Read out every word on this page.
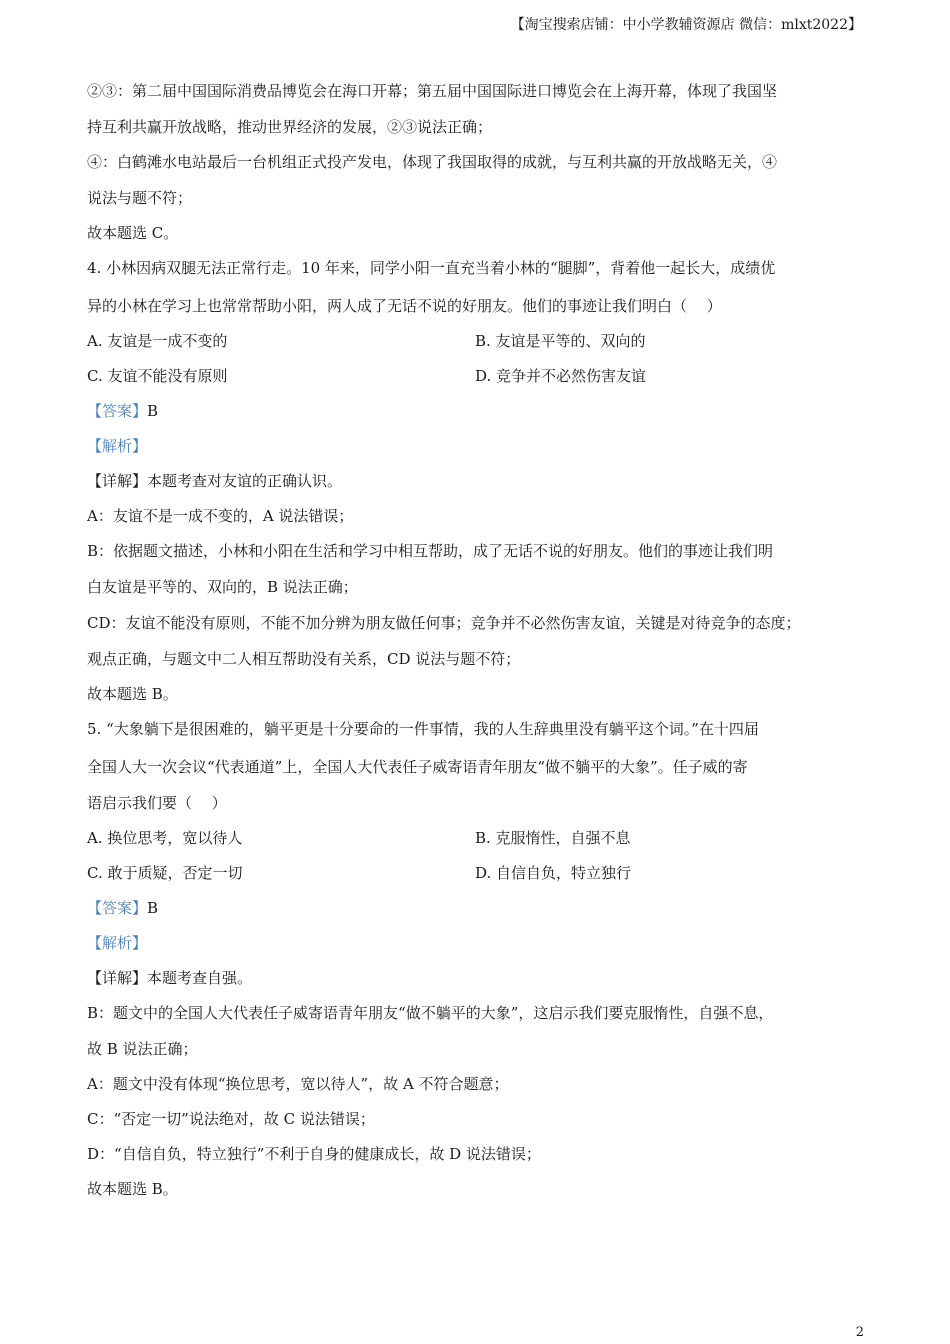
【淘宝搜索店铺：中小学教辅资源店 微信：mlxt2022】
②③：第二届中国国际消费品博览会在海口开幕；第五届中国国际进口博览会在上海开幕，体现了我国坚
持互利共赢开放战略，推动世界经济的发展，②③说法正确；
④：白鹤滩水电站最后一台机组正式投产发电，体现了我国取得的成就，与互利共赢的开放战略无关，④
说法与题不符；
故本题选 C。
4. 小林因病双腿无法正常行走。10 年来，同学小阳一直充当着小林的“腿脚”，背着他一起长大，成绩优
异的小林在学习上也常常帮助小阳，两人成了无话不说的好朋友。他们的事迹让我们明白（　 ）
A. 友谊是一成不变的	B. 友谊是平等的、双向的
C. 友谊不能没有原则	D. 竞争并不必然伤害友谊
【答案】B
【解析】
【详解】本题考查对友谊的正确认识。
A：友谊不是一成不变的，A 说法错误；
B：依据题文描述，小林和小阳在生活和学习中相互帮助，成了无话不说的好朋友。他们的事迹让我们明
白友谊是平等的、双向的，B 说法正确；
CD：友谊不能没有原则，不能不加分辨为朋友做任何事；竞争并不必然伤害友谊，关键是对待竞争的态度；
观点正确，与题文中二人相互帮助没有关系，CD 说法与题不符；
故本题选 B。
5. “大象躺下是很困难的，躺平更是十分要命的一件事情，我的人生辞典里没有躺平这个词。”在十四届
全国人大一次会议“代表通道”上，全国人大代表任子威寄语青年朋友“做不躺平的大象”。任子威的寄
语启示我们要（　 ）
A. 换位思考，宽以待人	B. 克服惰性，自强不息
C. 敢于质疑，否定一切	D. 自信自负，特立独行
【答案】B
【解析】
【详解】本题考查自强。
B：题文中的全国人大代表任子威寄语青年朋友“做不躺平的大象”，这启示我们要克服惰性，自强不息，
故 B 说法正确；
A：题文中没有体现“换位思考，宽以待人”，故 A 不符合题意；
C：“否定一切”说法绝对，故 C 说法错误；
D：“自信自负，特立独行”不利于自身的健康成长，故 D 说法错误；
故本题选 B。
2
